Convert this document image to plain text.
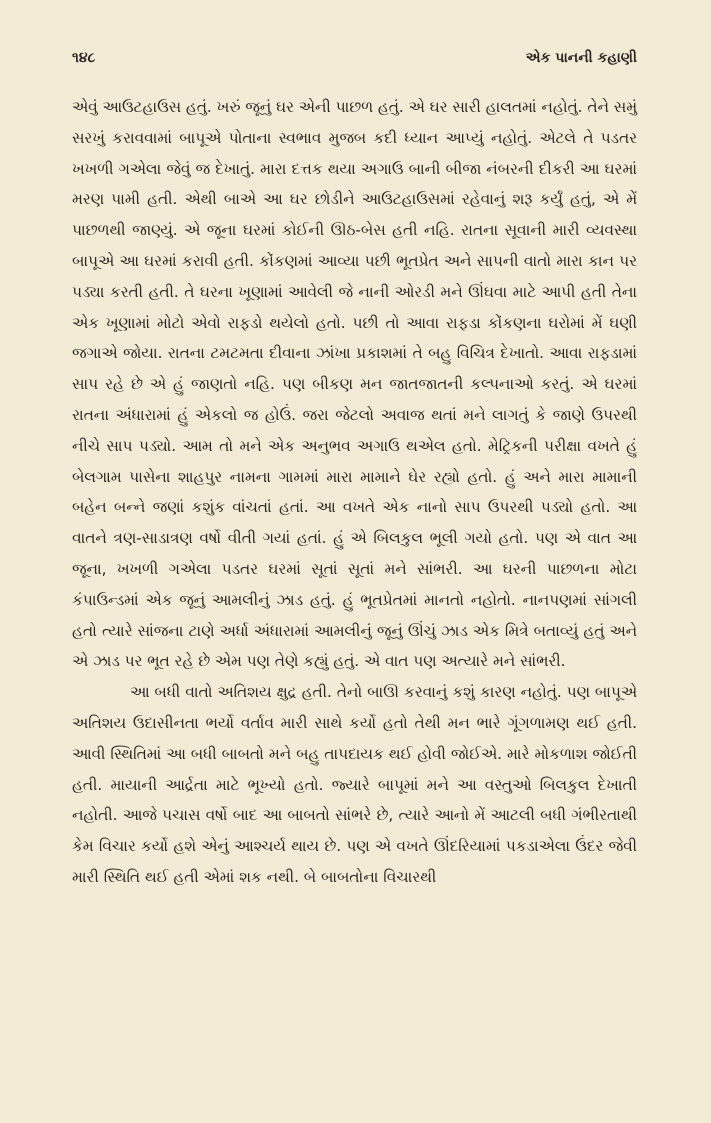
૧૪૮	એક પાનની કહાણી

એવું આઉટહાઉસ હતું. ખરું જૂનું ઘર એની પાછળ હતું. એ ઘર સારી હાલતમાં નહોતું. તેને સમું સરખું કરાવવામાં બાપૂએ પોતાના સ્વભાવ મુજબ કદી ધ્યાન આપ્યું નહોતું. એટલે તે પડતર ખખળી ગએલા જેવું જ દેખાતું. મારા દત્તક થયા અગાઉ બાની બીજા નંબરની દીકરી આ ઘરમાં મરણ પામી હતી. એથી બાએ આ ઘર છોડીને આઉટહાઉસમાં રહેવાનું શરૂ કર્યું હતું, એ મેં પાછળથી જાણ્યું. એ જૂના ઘરમાં કોઈની ઊઠ-બેસ હતી નહિ. રાતના સૂવાની મારી વ્યવસ્થા બાપૂએ આ ઘરમાં કરાવી હતી. કોંકણમાં આવ્યા પછી ભૂતપ્રેત અને સાપની વાતો મારા કાન પર પડ્યા કરતી હતી. તે ઘરના ખૂણામાં આવેલી જે નાની ઓરડી મને ઊંઘવા માટે આપી હતી તેના એક ખૂણામાં મોટો એવો રાફડો થયેલો હતો. પછી તો આવા રાફડા કોંકણના ઘરોમાં મેં ઘણી જગાએ જોયા. રાતના ટમટમતા દીવાના ઝાંખા પ્રકાશમાં તે બહુ વિચિત્ર દેખાતો. આવા રાફડામાં સાપ રહે છે એ હું જાણતો નહિ. પણ બીકણ મન જાતજાતની કલ્પનાઓ કરતું. એ ઘરમાં રાતના અંધારામાં હું એકલો જ હોઉં. જરા જેટલો અવાજ થતાં મને લાગતું કે જાણે ઉપરથી નીચે સાપ પડ્યો. આમ તો મને એક અનુભવ અગાઉ થએલ હતો. મેટ્રિકની પરીક્ષા વખતે હું બેલગામ પાસેના શાહપુર નામના ગામમાં મારા મામાને ઘેર રહ્યો હતો. હું અને મારા મામાની બહેન બન્ને જણાં કશુંક વાંચતાં હતાં. આ વખતે એક નાનો સાપ ઉપરથી પડ્યો હતો. આ વાતને ત્રણ-સાડાત્રણ વર્ષો વીતી ગયાં હતાં. હું એ બિલકુલ ભૂલી ગયો હતો. પણ એ વાત આ જૂના, ખખળી ગએલા પડતર ઘરમાં સૂતાં સૂતાં મને સાંભરી. આ ઘરની પાછળના મોટા કંપાઉન્ડમાં એક જૂનું આમલીનું ઝાડ હતું. હું ભૂતપ્રેતમાં માનતો નહોતો. નાનપણમાં સાંગલી હતો ત્યારે સાંજના ટાણે અર્ધા અંધારામાં આમલીનું જૂનું ઊંચું ઝાડ એક મિત્રે બતાવ્યું હતું અને એ ઝાડ પર ભૂત રહે છે એમ પણ તેણે કહ્યું હતું. એ વાત પણ અત્યારે મને સાંભરી.

આ બધી વાતો અતિશય ક્ષુદ્ર હતી. તેનો બાઊ કરવાનું કશું કારણ નહોતું. પણ બાપૂએ અતિશય ઉદાસીનતા ભર્યો વર્તાવ મારી સાથે કર્યો હતો તેથી મન ભારે ગૂંગળામણ થઈ હતી. આવી સ્થિતિમાં આ બધી બાબતો મને બહુ તાપદાયક થઈ હોવી જોઈએ. મારે મોકળાશ જોઈતી હતી. માયાની આર્દ્રતા માટે ભૂખ્યો હતો. જ્યારે બાપૂમાં મને આ વસ્તુઓ બિલકુલ દેખાતી નહોતી. આજે પચાસ વર્ષો બાદ આ બાબતો સાંભરે છે, ત્યારે આનો મેં આટલી બધી ગંભીરતાથી કેમ વિચાર કર્યો હશે એનું આશ્ચર્ય થાય છે. પણ એ વખતે ઊંદરિયામાં પકડાએલા ઉંદર જેવી મારી સ્થિતિ થઈ હતી એમાં શક નથી. બે બાબતોના વિચારથી
